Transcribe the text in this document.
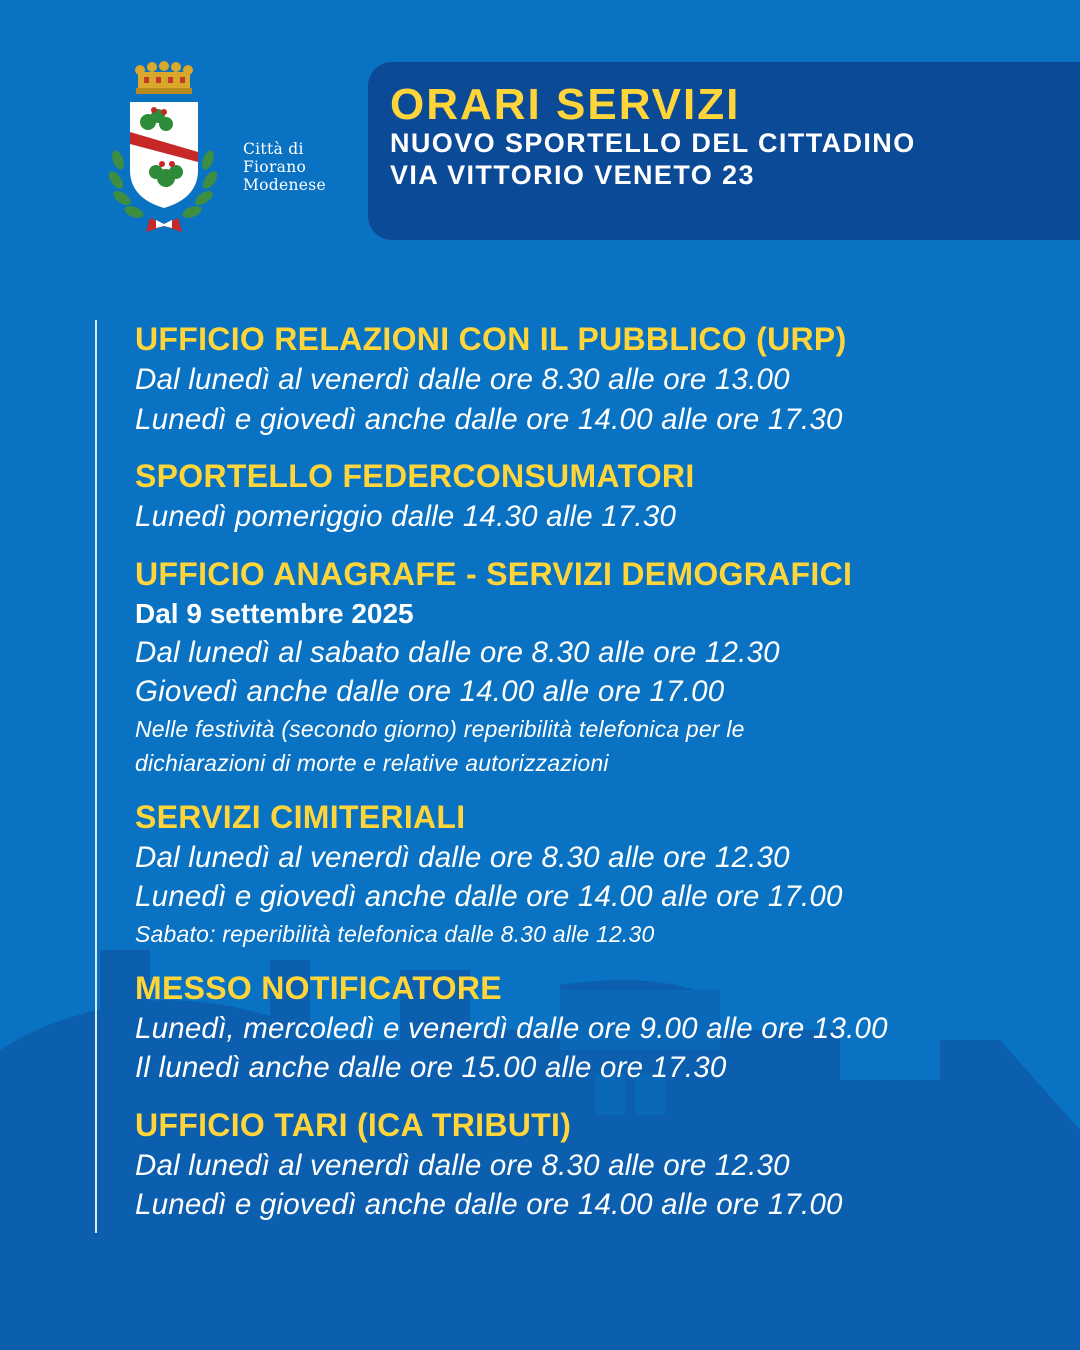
Città di
Fiorano
Modenese
ORARI SERVIZI
NUOVO SPORTELLO DEL CITTADINO
VIA VITTORIO VENETO 23
UFFICIO RELAZIONI CON IL PUBBLICO (URP)
Dal lunedì al venerdì dalle ore 8.30 alle ore 13.00
Lunedì e giovedì anche dalle ore 14.00 alle ore 17.30
SPORTELLO FEDERCONSUMATORI
Lunedì pomeriggio dalle 14.30 alle 17.30
UFFICIO ANAGRAFE - SERVIZI DEMOGRAFICI
Dal 9 settembre 2025
Dal lunedì al sabato dalle ore 8.30 alle ore 12.30
Giovedì anche dalle ore 14.00 alle ore 17.00
Nelle festività (secondo giorno) reperibilità telefonica per le
dichiarazioni di morte e relative autorizzazioni
SERVIZI CIMITERIALI
Dal lunedì al venerdì dalle ore 8.30 alle ore 12.30
Lunedì e giovedì anche dalle ore 14.00 alle ore 17.00
Sabato: reperibilità telefonica dalle 8.30 alle 12.30
MESSO NOTIFICATORE
Lunedì, mercoledì e venerdì dalle ore 9.00 alle ore 13.00
Il lunedì anche dalle ore 15.00 alle ore 17.30
UFFICIO TARI (ICA TRIBUTI)
Dal lunedì al venerdì dalle ore 8.30 alle ore 12.30
Lunedì e giovedì anche dalle ore 14.00 alle ore 17.00
